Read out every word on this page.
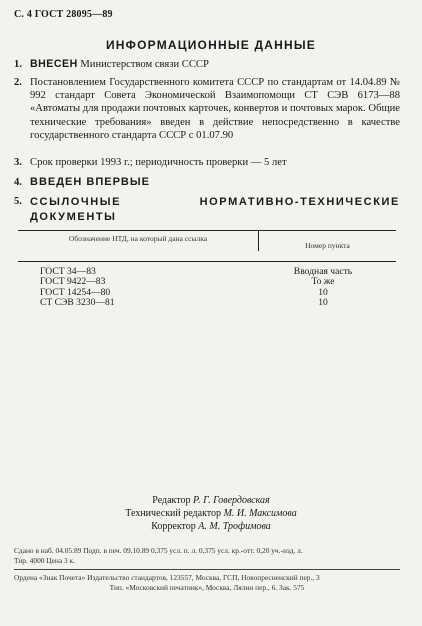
С. 4 ГОСТ 28095—89
ИНФОРМАЦИОННЫЕ ДАННЫЕ
1. ВНЕСЕН Министерством связи СССР
2. Постановлением Государственного комитета СССР по стандартам от 14.04.89 № 992 стандарт Совета Экономической Взаимопомощи СТ СЭВ 6173—88 «Автоматы для продажи почтовых карточек, конвертов и почтовых марок. Общие технические требования» введен в действие непосредственно в качестве государственного стандарта СССР с 01.07.90
3. Срок проверки 1993 г.; периодичность проверки — 5 лет
4. ВВЕДЕН ВПЕРВЫЕ
5. ССЫЛОЧНЫЕ НОРМАТИВНО-ТЕХНИЧЕСКИЕ ДОКУМЕНТЫ
Обозначение НТД, на который дана ссылка
Номер пункта
ГОСТ 34—83
ГОСТ 9422—83
ГОСТ 14254—80
СТ СЭВ 3230—81
Вводная часть
То же
10
10
Редактор Р. Г. Говердовская
Технический редактор М. И. Максимова
Корректор А. М. Трофимова
Сдано в наб. 04.05.89 Подп. в печ. 09.10.89 0,375 усл. п. л. 0,375 усл. кр.-отт. 0,20 уч.-изд. л.
Тир. 4000 Цена 3 к.
Ордена «Знак Почета» Издательство стандартов, 123557, Москва, ГСП, Новопресненский пер., 3
Тип. «Московский печатник», Москва, Лялин пер., 6. Зак. 575
